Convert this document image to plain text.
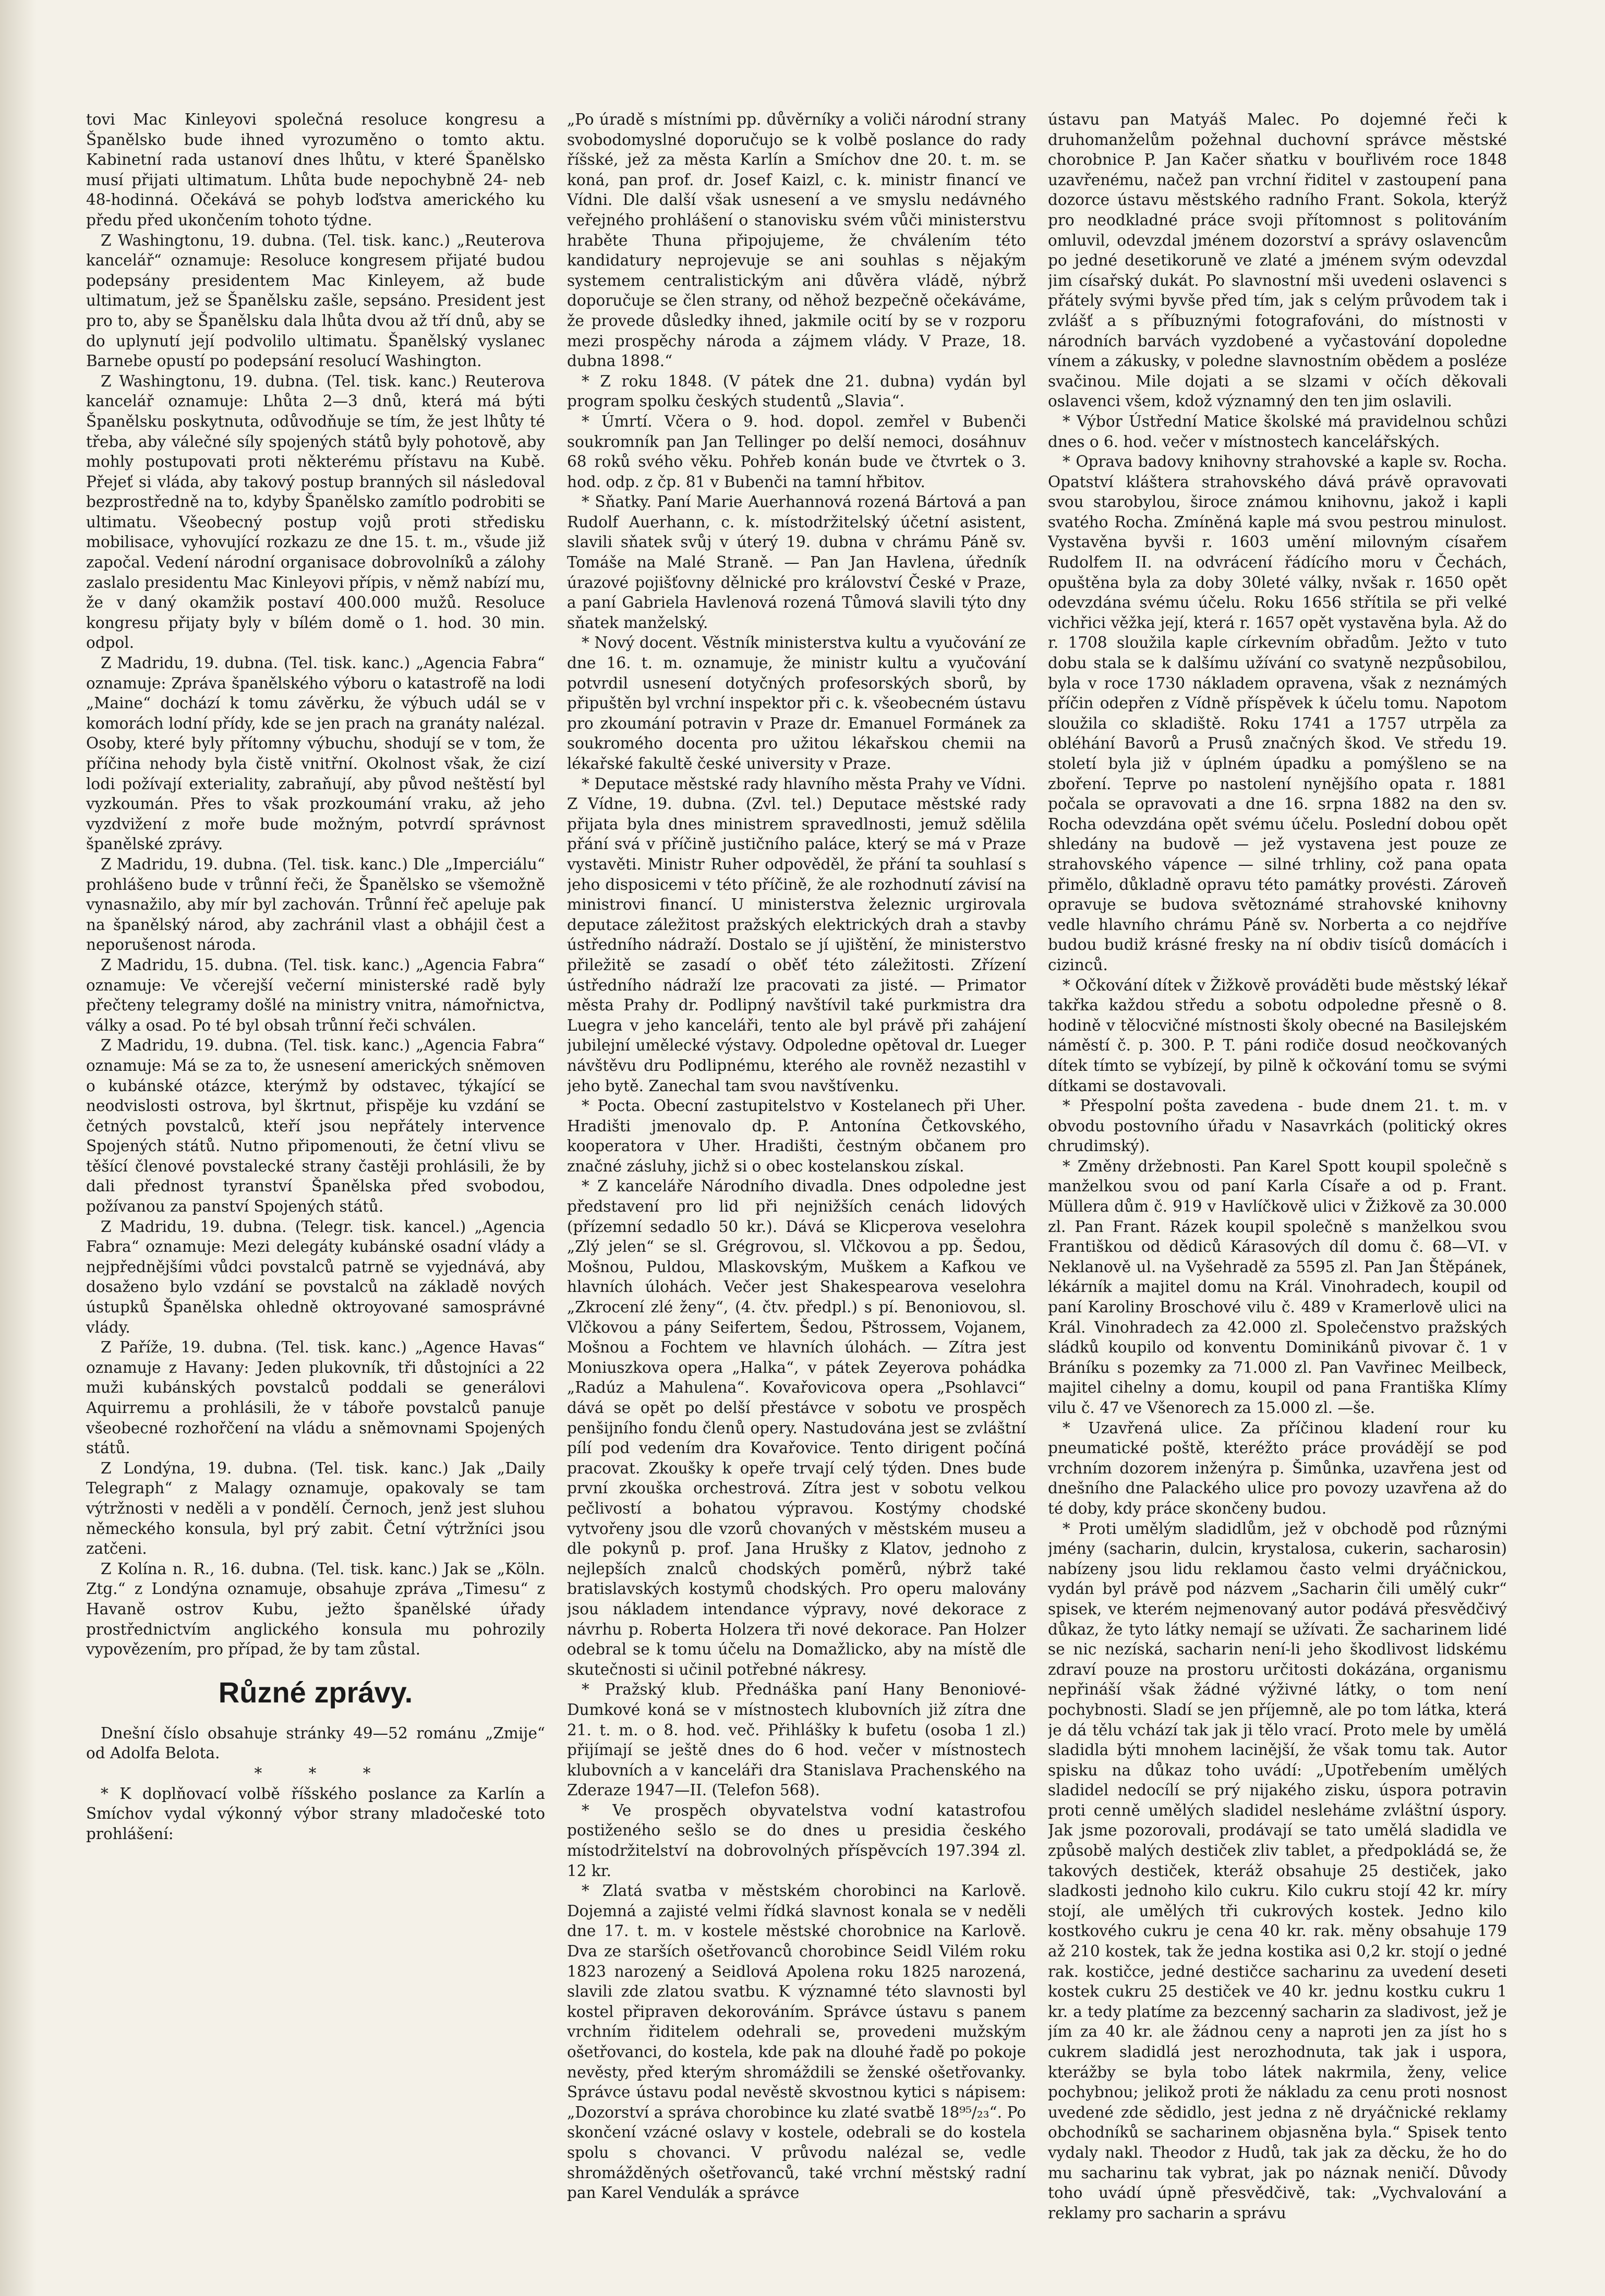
tovi Mac Kinleyovi společná resoluce kongresu a Španělsko bude ihned vyrozuměno o tomto aktu. Kabinetní rada ustanoví dnes lhůtu, v které Španělsko musí přijati ultimatum. Lhůta bude nepochybně 24- neb 48-hodinná. Očekává se pohyb loďstva amerického ku předu před ukončením tohoto týdne.

Z Washingtonu, 19. dubna. (Tel. tisk. kanc.) „Reuterova kancelář“ oznamuje: Resoluce kongresem přijaté budou podepsány presidentem Mac Kinleyem, až bude ultimatum, jež se Španělsku zašle, sepsáno. President jest pro to, aby se Španělsku dala lhůta dvou až tří dnů, aby se do uplynutí její podvolilo ultimatu. Španělský vyslanec Barnebe opustí po podepsání resolucí Washington.

Z Washingtonu, 19. dubna. (Tel. tisk. kanc.) Reuterova kancelář oznamuje: Lhůta 2—3 dnů, která má býti Španělsku poskytnuta, odůvodňuje se tím, že jest lhůty té třeba, aby válečné síly spojených států byly pohotově, aby mohly postupovati proti některému přístavu na Kubě. Přejeť si vláda, aby takový postup branných sil následoval bezprostředně na to, kdyby Španělsko zamítlo podrobiti se ultimatu. Všeobecný postup vojů proti středisku mobilisace, vyhovující rozkazu ze dne 15. t. m., všude již započal. Vedení národní organisace dobrovolníků a zálohy zaslalo presidentu Mac Kinleyovi přípis, v němž nabízí mu, že v daný okamžik postaví 400.000 mužů. Resoluce kongresu přijaty byly v bílém domě o 1. hod. 30 min. odpol.

Z Madridu, 19. dubna. (Tel. tisk. kanc.) „Agencia Fabra“ oznamuje: Zpráva španělského výboru o katastrofě na lodi „Maine“ dochází k tomu závěrku, že výbuch udál se v komorách lodní přídy, kde se jen prach na granáty nalézal. Osoby, které byly přítomny výbuchu, shodují se v tom, že příčina nehody byla čistě vnitřní. Okolnost však, že cizí lodi požívají exteriality, zabraňují, aby původ neštěstí byl vyzkoumán. Přes to však prozkoumání vraku, až jeho vyzdvižení z moře bude možným, potvrdí správnost španělské zprávy.

Z Madridu, 19. dubna. (Tel. tisk. kanc.) Dle „Imperciálu“ prohlášeno bude v trůnní řeči, že Španělsko se všemožně vynasnažilo, aby mír byl zachován. Trůnní řeč apeluje pak na španělský národ, aby zachránil vlast a obhájil čest a neporušenost národa.

Z Madridu, 15. dubna. (Tel. tisk. kanc.) „Agencia Fabra“ oznamuje: Ve včerejší večerní ministerské radě byly přečteny telegramy došlé na ministry vnitra, námořnictva, války a osad. Po té byl obsah trůnní řeči schválen.

Z Madridu, 19. dubna. (Tel. tisk. kanc.) „Agencia Fabra“ oznamuje: Má se za to, že usnesení amerických sněmoven o kubánské otázce, kterýmž by odstavec, týkající se neodvislosti ostrova, byl škrtnut, přispěje ku vzdání se četných povstalců, kteří jsou nepřátely intervence Spojených států. Nutno připomenouti, že četní vlivu se těšící členové povstalecké strany častěji prohlásili, že by dali přednost tyranství Španělska před svobodou, požívanou za panství Spojených států.

Z Madridu, 19. dubna. (Telegr. tisk. kancel.) „Agencia Fabra“ oznamuje: Mezi delegáty kubánské osadní vlády a nejpřednějšími vůdci povstalců patrně se vyjednává, aby dosaženo bylo vzdání se povstalců na základě nových ústupků Španělska ohledně oktroyované samosprávné vlády.

Z Paříže, 19. dubna. (Tel. tisk. kanc.) „Agence Havas“ oznamuje z Havany: Jeden plukovník, tři důstojníci a 22 muži kubánských povstalců poddali se generálovi Aquirremu a prohlásili, že v táboře povstalců panuje všeobecné rozhořčení na vládu a sněmovnami Spojených států.

Z Londýna, 19. dubna. (Tel. tisk. kanc.) Jak „Daily Telegraph“ z Malagy oznamuje, opakovaly se tam výtržnosti v neděli a v pondělí. Černoch, jenž jest sluhou německého konsula, byl prý zabit. Četní výtržníci jsou zatčeni.

Z Kolína n. R., 16. dubna. (Tel. tisk. kanc.) Jak se „Köln. Ztg.“ z Londýna oznamuje, obsahuje zpráva „Timesu“ z Havaně ostrov Kubu, ježto španělské úřady prostřednictvím anglického konsula mu pohrozily vypovězením, pro případ, že by tam zůstal.

Různé zprávy.

Dnešní číslo obsahuje stránky 49—52 románu „Zmije“ od Adolfa Belota.

* * *

* K doplňovací volbě říšského poslance za Karlín a Smíchov vydal výkonný výbor strany mladočeské toto prohlášení:

„Po úradě s místními pp. důvěrníky a voliči národní strany svobodomyslné doporučujo se k volbě poslance do rady říšské, jež za města Karlín a Smíchov dne 20. t. m. se koná, pan prof. dr. Josef Kaizl, c. k. ministr financí ve Vídni. Dle další však usnesení a ve smyslu nedávného veřejného prohlášení o stanovisku svém vůči ministerstvu hraběte Thuna připojujeme, že chválením této kandidatury neprojevuje se ani souhlas s nějakým systemem centralistickým ani důvěra vládě, nýbrž doporučuje se člen strany, od něhož bezpečně očekáváme, že provede důsledky ihned, jakmile ocití by se v rozporu mezi prospěchy národa a zájmem vlády. V Praze, 18. dubna 1898.“

* Z roku 1848. (V pátek dne 21. dubna) vydán byl program spolku českých studentů „Slavia“.

* Úmrtí. Včera o 9. hod. dopol. zemřel v Bubenči soukromník pan Jan Tellinger po delší nemoci, dosáhnuv 68 roků svého věku. Pohřeb konán bude ve čtvrtek o 3. hod. odp. z čp. 81 v Bubenči na tamní hřbitov.

* Sňatky. Paní Marie Auerhannová rozená Bártová a pan Rudolf Auerhann, c. k. místodržitelský účetní asistent, slavili sňatek svůj v úterý 19. dubna v chrámu Páně sv. Tomáše na Malé Straně. — Pan Jan Havlena, úředník úrazové pojišťovny dělnické pro království České v Praze, a paní Gabriela Havlenová rozená Tůmová slavili týto dny sňatek manželský.

* Nový docent. Věstník ministerstva kultu a vyučování ze dne 16. t. m. oznamuje, že ministr kultu a vyučování potvrdil usnesení dotyčných profesorských sborů, by připuštěn byl vrchní inspektor při c. k. všeobecném ústavu pro zkoumání potravin v Praze dr. Emanuel Formánek za soukromého docenta pro užitou lékařskou chemii na lékařské fakultě české university v Praze.

* Deputace městské rady hlavního města Prahy ve Vídni. Z Vídne, 19. dubna. (Zvl. tel.) Deputace městské rady přijata byla dnes ministrem spravedlnosti, jemuž sdělila přání svá v příčině justičního paláce, který se má v Praze vystavěti. Ministr Ruher odpověděl, že přání ta souhlasí s jeho disposicemi v této příčině, že ale rozhodnutí závisí na ministrovi financí. U ministerstva železnic urgirovala deputace záležitost pražských elektrických drah a stavby ústředního nádraží. Dostalo se jí ujištění, že ministerstvo přiležitě se zasadí o oběť této záležitosti. Zřízení ústředního nádraží lze pracovati za jisté. — Primator města Prahy dr. Podlipný navštívil také purkmistra dra Luegra v jeho kanceláři, tento ale byl právě při zahájení jubilejní umělecké výstavy. Odpoledne opětoval dr. Lueger návštěvu dru Podlipnému, kterého ale rovněž nezastihl v jeho bytě. Zanechal tam svou navštívenku.

* Pocta. Obecní zastupitelstvo v Kostelanech při Uher. Hradišti jmenovalo dp. P. Antonína Četkovského, kooperatora v Uher. Hradišti, čestným občanem pro značné zásluhy, jichž si o obec kostelanskou získal.

* Z kanceláře Národního divadla. Dnes odpoledne jest představení pro lid při nejnižších cenách lidových (přízemní sedadlo 50 kr.). Dává se Klicperova veselohra „Zlý jelen“ se sl. Grégrovou, sl. Vlčkovou a pp. Šedou, Mošnou, Puldou, Mlaskovským, Muškem a Kafkou ve hlavních úlohách. Večer jest Shakespearova veselohra „Zkrocení zlé ženy“, (4. čtv. předpl.) s pí. Benoniovou, sl. Vlčkovou a pány Seifertem, Šedou, Pštrossem, Vojanem, Mošnou a Fochtem ve hlavních úlohách. — Zítra jest Moniuszkova opera „Halka“, v pátek Zeyerova pohádka „Radúz a Mahulena“. Kovařovicova opera „Psohlavci“ dává se opět po delší přestávce v sobotu ve prospěch penšijního fondu členů opery. Nastudována jest se zvláštní pílí pod vedením dra Kovařovice. Tento dirigent počíná pracovat. Zkoušky k opeře trvají celý týden. Dnes bude první zkouška orchestrová. Zítra jest v sobotu velkou pečlivostí a bohatou výpravou. Kostýmy chodské vytvořeny jsou dle vzorů chovaných v městském museu a dle pokynů p. prof. Jana Hrušky z Klatov, jednoho z nejlepších znalců chodských poměrů, nýbrž také bratislavských kostymů chodských. Pro operu malovány jsou nákladem intendance výpravy, nové dekorace z návrhu p. Roberta Holzera tři nové dekorace. Pan Holzer odebral se k tomu účelu na Domažlicko, aby na místě dle skutečnosti si učinil potřebné nákresy.

* Pražský klub. Přednáška paní Hany Benoniové-Dumkové koná se v místnostech klubovních již zítra dne 21. t. m. o 8. hod. več. Přihlášky k bufetu (osoba 1 zl.) přijímají se ještě dnes do 6 hod. večer v místnostech klubovních a v kanceláři dra Stanislava Prachenského na Zderaze 1947—II. (Telefon 568).

* Ve prospěch obyvatelstva vodní katastrofou postiženého sešlo se do dnes u presidia českého místodržitelství na dobrovolných příspěvcích 197.394 zl. 12 kr.

* Zlatá svatba v městském chorobinci na Karlově. Dojemná a zajisté velmi řídká slavnost konala se v neděli dne 17. t. m. v kostele městské chorobnice na Karlově. Dva ze starších ošetřovanců chorobince Seidl Vilém roku 1823 narozený a Seidlová Apolena roku 1825 narozená, slavili zde zlatou svatbu. K významné této slavnosti byl kostel připraven dekorováním. Správce ústavu s panem vrchním řiditelem odehrali se, provedeni mužským ošetřovanci, do kostela, kde pak na dlouhé řadě po pokoje nevěsty, před kterým shromáždili se ženské ošetřovanky. Správce ústavu podal nevěstě skvostnou kytici s nápisem: „Dozorství a správa chorobince ku zlaté svatbě 18⁹⁵/₂₃“. Po skončení vzácné oslavy v kostele, odebrali se do kostela spolu s chovanci. V průvodu nalézal se, vedle shromážděných ošetřovanců, také vrchní městský radní pan Karel Vendulák a správce

ústavu pan Matyáš Malec. Po dojemné řeči k druhomanželům požehnal duchovní správce městské chorobnice P. Jan Kačer sňatku v bouřlivém roce 1848 uzavřenému, načež pan vrchní řiditel v zastoupení pana dozorce ústavu městského radního Frant. Sokola, kterýž pro neodkladné práce svoji přítomnost s politováním omluvil, odevzdal jménem dozorství a správy oslavencům po jedné desetikoruně ve zlaté a jménem svým odevzdal jim císařský dukát. Po slavnostní mši uvedeni oslavenci s přátely svými byvše před tím, jak s celým průvodem tak i zvlášť a s příbuznými fotografováni, do místnosti v národních barvách vyzdobené a vyčastování dopoledne vínem a zákusky, v poledne slavnostním obědem a posléze svačinou. Mile dojati a se slzami v očích děkovali oslavenci všem, kdož významný den ten jim oslavili.

* Výbor Ústřední Matice školské má pravidelnou schůzi dnes o 6. hod. večer v místnostech kancelářských.

* Oprava badovy knihovny strahovské a kaple sv. Rocha. Opatství kláštera strahovského dává právě opravovati svou starobylou, široce známou knihovnu, jakož i kapli svatého Rocha. Zmíněná kaple má svou pestrou minulost. Vystavěna byvši r. 1603 umění milovným císařem Rudolfem II. na odvrácení řádícího moru v Čechách, opuštěna byla za doby 30leté války, nvšak r. 1650 opět odevzdána svému účelu. Roku 1656 střítila se při velké vichřici věžka její, která r. 1657 opět vystavěna byla. Až do r. 1708 sloužila kaple církevním obřadům. Ježto v tuto dobu stala se k dalšímu užívání co svatyně nezpůsobilou, byla v roce 1730 nákladem opravena, však z neznámých příčin odepřen z Vídně příspěvek k účelu tomu. Napotom sloužila co skladiště. Roku 1741 a 1757 utrpěla za obléhání Bavorů a Prusů značných škod. Ve středu 19. století byla již v úplném úpadku a pomýšleno se na zboření. Teprve po nastolení nynějšího opata r. 1881 počala se opravovati a dne 16. srpna 1882 na den sv. Rocha odevzdána opět svému účelu. Poslední dobou opět shledány na budově — jež vystavena jest pouze ze strahovského vápence — silné trhliny, což pana opata přimělo, důkladně opravu této památky provésti. Zároveň opravuje se budova světoznámé strahovské knihovny vedle hlavního chrámu Páně sv. Norberta a co nejdříve budou budiž krásné fresky na ní obdiv tisíců domácích i cizinců.

* Očkování dítek v Žižkově prováděti bude městský lékař takřka každou středu a sobotu odpoledne přesně o 8. hodině v tělocvičné místnosti školy obecné na Basilejském náměstí č. p. 300. P. T. páni rodiče dosud neočkovaných dítek tímto se vybízejí, by pilně k očkování tomu se svými dítkami se dostavovali.

* Přespolní pošta zavedena - bude dnem 21. t. m. v obvodu postovního úřadu v Nasavrkách (politický okres chrudimský).

* Změny držebnosti. Pan Karel Spott koupil společně s manželkou svou od paní Karla Císaře a od p. Frant. Müllera dům č. 919 v Havlíčkově ulici v Žižkově za 30.000 zl. Pan Frant. Rázek koupil společně s manželkou svou Františkou od dědiců Kárasových díl domu č. 68—VI. v Neklanově ul. na Vyšehradě za 5595 zl. Pan Jan Štěpánek, lékárník a majitel domu na Král. Vinohradech, koupil od paní Karoliny Broschové vilu č. 489 v Kramerlově ulici na Král. Vinohradech za 42.000 zl. Společenstvo pražských sládků koupilo od konventu Dominikánů pivovar č. 1 v Bráníku s pozemky za 71.000 zl. Pan Vavřinec Meilbeck, majitel cihelny a domu, koupil od pana Františka Klímy vilu č. 47 ve Všenorech za 15.000 zl. —še.

* Uzavřená ulice. Za příčinou kladení rour ku pneumatické poště, kteréžto práce provádějí se pod vrchním dozorem inženýra p. Šimůnka, uzavřena jest od dnešního dne Palackého ulice pro povozy uzavřena až do té doby, kdy práce skončeny budou.

* Proti umělým sladidlům, jež v obchodě pod různými jmény (sacharin, dulcin, krystalosa, cukerin, sacharosin) nabízeny jsou lidu reklamou často velmi dryáčnickou, vydán byl právě pod názvem „Sacharin čili umělý cukr“ spisek, ve kterém nejmenovaný autor podává přesvědčivý důkaz, že tyto látky nemají se užívati. Že sacharinem lidé se nic nezíská, sacharin není-li jeho škodlivost lidskému zdraví pouze na prostoru určitosti dokázána, organismu nepřináší však žádné výživné látky, o tom není pochybnosti. Sladí se jen příjemně, ale po tom látka, která je dá tělu vchází tak jak ji tělo vrací. Proto mele by umělá sladidla býti mnohem lacinější, že však tomu tak. Autor spisku na důkaz toho uvádí: „Upotřebením umělých sladidel nedocílí se prý nijakého zisku, úspora potravin proti cenně umělých sladidel nesleháme zvláštní úspory. Jak jsme pozorovali, prodávají se tato umělá sladidla ve způsobě malých destiček zliv tablet, a předpokládá se, že takových destiček, kteráž obsahuje 25 destiček, jako sladkosti jednoho kilo cukru. Kilo cukru stojí 42 kr. míry stojí, ale umělých tři cukrových kostek. Jedno kilo kostkového cukru je cena 40 kr. rak. měny obsahuje 179 až 210 kostek, tak že jedna kostika asi 0,2 kr. stojí o jedné rak. kostičce, jedné destičce sacharinu za uvedení deseti kostek cukru 25 destiček ve 40 kr. jednu kostku cukru 1 kr. a tedy platíme za bezcenný sacharin za sladivost, jež je jím za 40 kr. ale žádnou ceny a naproti jen za jíst ho s cukrem sladidlá jest nerozhodnuta, tak jak i uspora, kterážby se byla tobo látek nakrmila, ženy, velice pochybnou; jelikož proti že nákladu za cenu proti nosnost uvedené zde sědidlo, jest jedna z ně dryáčnické reklamy obchodníků se sacharinem objasněna byla.“ Spisek tento vydaly nakl. Theodor z Hudů, tak jak za děcku, že ho do mu sacharinu tak vybrat, jak po náznak neničí. Důvody toho uvádí úpně přesvědčivě, tak: „Vychvalování a reklamy pro sacharin a správu
